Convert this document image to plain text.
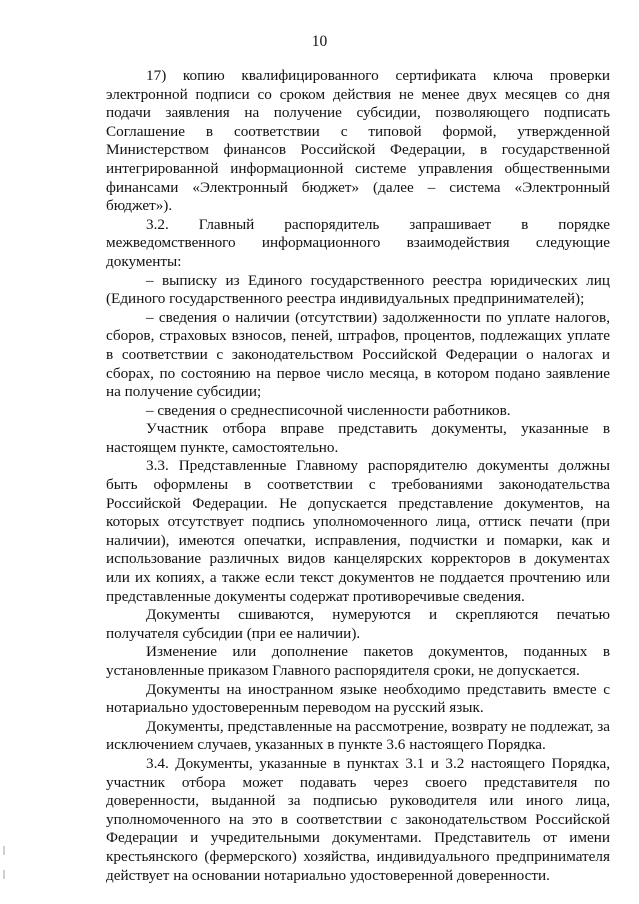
10

17) копию квалифицированного сертификата ключа проверки электронной подписи со сроком действия не менее двух месяцев со дня подачи заявления на получение субсидии, позволяющего подписать Соглашение в соответствии с типовой формой, утвержденной Министерством финансов Российской Федерации, в государственной интегрированной информационной системе управления общественными финансами «Электронный бюджет» (далее – система «Электронный бюджет»).

3.2. Главный распорядитель запрашивает в порядке межведомственного информационного взаимодействия следующие документы:

– выписку из Единого государственного реестра юридических лиц (Единого государственного реестра индивидуальных предпринимателей);

– сведения о наличии (отсутствии) задолженности по уплате налогов, сборов, страховых взносов, пеней, штрафов, процентов, подлежащих уплате в соответствии с законодательством Российской Федерации о налогах и сборах, по состоянию на первое число месяца, в котором подано заявление на получение субсидии;

– сведения о среднесписочной численности работников.

Участник отбора вправе представить документы, указанные в настоящем пункте, самостоятельно.

3.3. Представленные Главному распорядителю документы должны быть оформлены в соответствии с требованиями законодательства Российской Федерации. Не допускается представление документов, на которых отсутствует подпись уполномоченного лица, оттиск печати (при наличии), имеются опечатки, исправления, подчистки и помарки, как и использование различных видов канцелярских корректоров в документах или их копиях, а также если текст документов не поддается прочтению или представленные документы содержат противоречивые сведения.

Документы сшиваются, нумеруются и скрепляются печатью получателя субсидии (при ее наличии).

Изменение или дополнение пакетов документов, поданных в установленные приказом Главного распорядителя сроки, не допускается.

Документы на иностранном языке необходимо представить вместе с нотариально удостоверенным переводом на русский язык.

Документы, представленные на рассмотрение, возврату не подлежат, за исключением случаев, указанных в пункте 3.6 настоящего Порядка.

3.4. Документы, указанные в пунктах 3.1 и 3.2 настоящего Порядка, участник отбора может подавать через своего представителя по доверенности, выданной за подписью руководителя или иного лица, уполномоченного на это в соответствии с законодательством Российской Федерации и учредительными документами. Представитель от имени крестьянского (фермерского) хозяйства, индивидуального предпринимателя действует на основании нотариально удостоверенной доверенности.
